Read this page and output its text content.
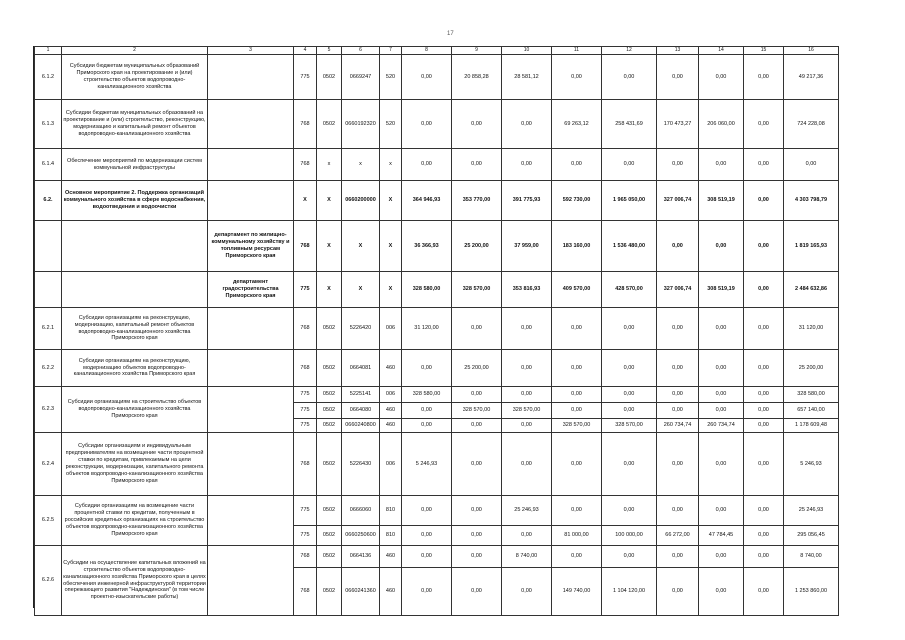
17
1	2	3	4	5	6	7	8	9	10	11	12	13	14	15	16
6.1.2	Субсидии бюджетам муниципальных образований Приморского края на проектирование и (или) строительство объектов водопроводно-канализационного хозяйства		775	0502	0669247	520	0,00	20 858,28	28 581,12	0,00	0,00	0,00	0,00	0,00	49 217,36
6.1.3	Субсидии бюджетам муниципальных образований на проектирование и (или) строительство, реконструкцию, модернизацию и капитальный ремонт объектов водопроводно-канализационного хозяйства		768	0502	0660192320	520	0,00	0,00	0,00	69 263,12	258 431,69	170 473,27	206 060,00	0,00	724 228,08
6.1.4	Обеспечение мероприятий по модернизации систем коммунальной инфраструктуры		768	x	x	x	0,00	0,00	0,00	0,00	0,00	0,00	0,00	0,00	0,00
6.2.	Основное мероприятие 2. Поддержка организаций коммунального хозяйства в сфере водоснабжения, водоотведения и водоочистки		X	X	0660200000	X	364 946,93	353 770,00	391 775,93	592 730,00	1 965 050,00	327 006,74	308 519,19	0,00	4 303 798,79
		департамент по жилищно-коммунальному хозяйству и топливным ресурсам Приморского края	768	X	X	X	36 366,93	25 200,00	37 959,00	183 160,00	1 536 480,00	0,00	0,00	0,00	1 819 165,93
		департамент градостроительства Приморского края	775	X	X	X	328 580,00	328 570,00	353 816,93	409 570,00	428 570,00	327 006,74	308 519,19	0,00	2 484 632,86
6.2.1	Субсидии организациям на реконструкцию, модернизацию, капитальный ремонт объектов водопроводно-канализационного хозяйства Приморского края		768	0502	5226420	006	31 120,00	0,00	0,00	0,00	0,00	0,00	0,00	0,00	31 120,00
6.2.2	Субсидии организациям на реконструкцию, модернизацию объектов водопроводно-канализационного хозяйства Приморского края		768	0502	0664081	460	0,00	25 200,00	0,00	0,00	0,00	0,00	0,00	0,00	25 200,00
6.2.3	Субсидии организациям на строительство объектов водопроводно-канализационного хозяйства Приморского края		775	0502	5225141	006	328 580,00	0,00	0,00	0,00	0,00	0,00	0,00	0,00	328 580,00
			775	0502	0664080	460	0,00	328 570,00	328 570,00	0,00	0,00	0,00	0,00	0,00	657 140,00
			775	0502	0660240800	460	0,00	0,00	0,00	328 570,00	328 570,00	260 734,74	260 734,74	0,00	1 178 609,48
6.2.4	Субсидии организациям и индивидуальным предпринимателям на возмещение части процентной ставки по кредитам, привлекаемым на цели реконструкции, модернизации, капитального ремонта объектов водопроводно-канализационного хозяйства Приморского края		768	0502	5226430	006	5 246,93	0,00	0,00	0,00	0,00	0,00	0,00	0,00	5 246,93
6.2.5	Субсидии организациям на возмещение части процентной ставки по кредитам, полученным в российских кредитных организациях на строительство объектов водопроводно-канализационного хозяйства Приморского края		775	0502	0666060	810	0,00	0,00	25 246,93	0,00	0,00	0,00	0,00	0,00	25 246,93
			775	0502	0660250600	810	0,00	0,00	0,00	81 000,00	100 000,00	66 272,00	47 784,45	0,00	295 056,45
6.2.6	Субсидии на осуществление капитальных вложений на строительство объектов водопроводно-канализационного хозяйства Приморского края в целях обеспечения инженерной инфраструктурой территории опережающего развития "Надеждинская" (в том числе проектно-изыскательские работы)		768	0502	0664136	460	0,00	0,00	8 740,00	0,00	0,00	0,00	0,00	0,00	8 740,00
			768	0502	0660241360	460	0,00	0,00	0,00	149 740,00	1 104 120,00	0,00	0,00	0,00	1 253 860,00
